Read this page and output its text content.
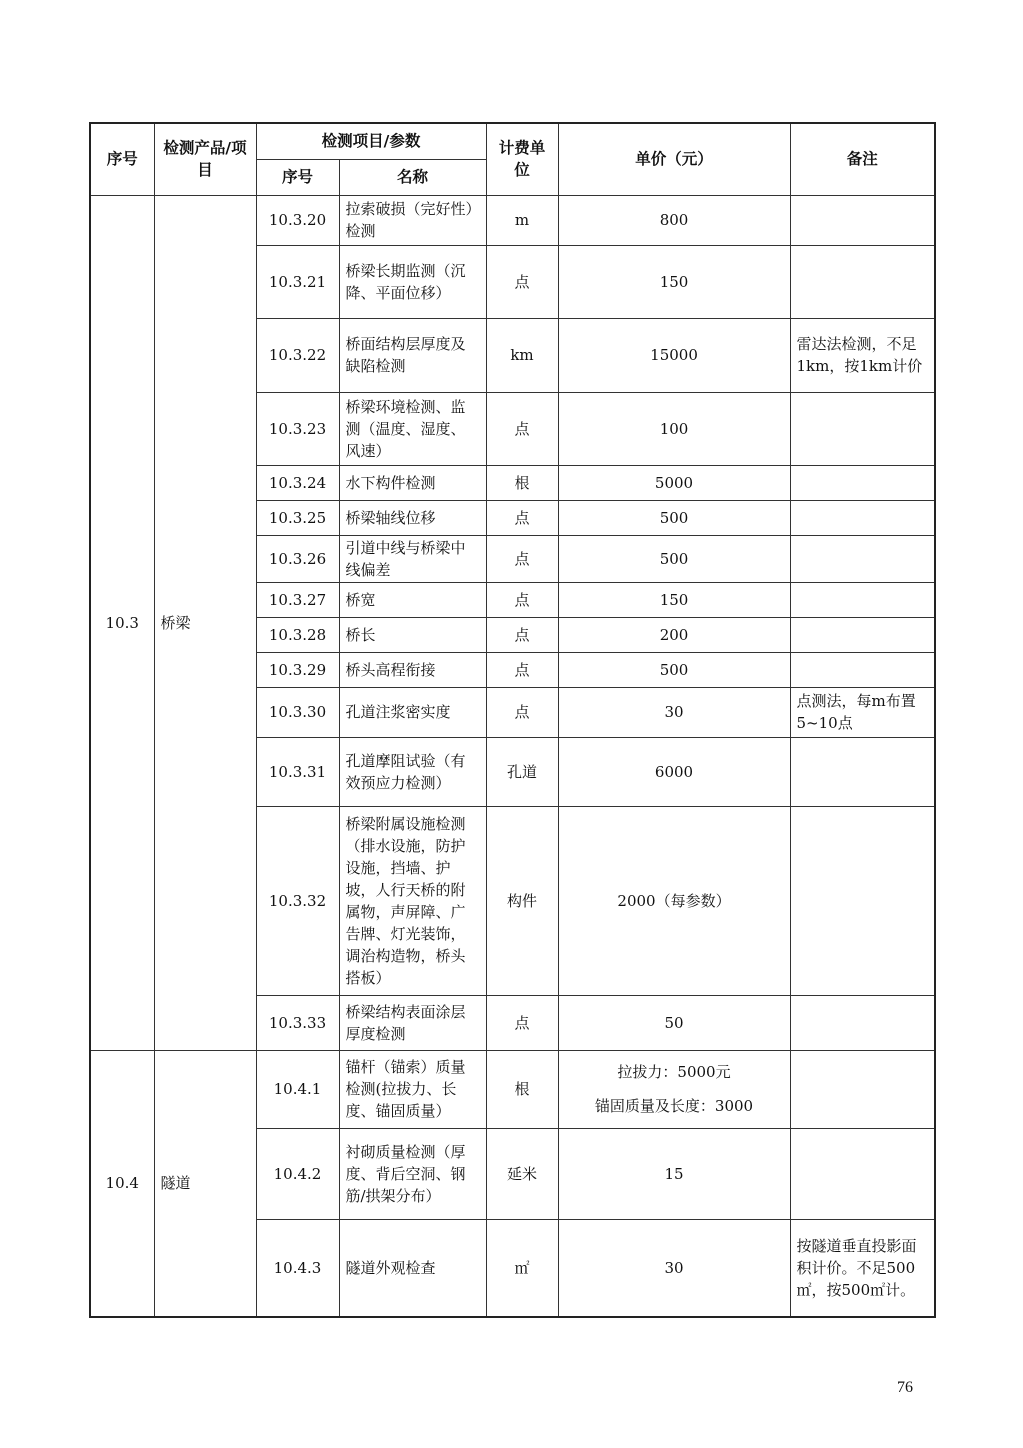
序号	检测产品/项目	检测项目/参数		计费单位	单价（元）	备注
		序号	名称			
10.3	桥梁	10.3.20	拉索破损（完好性）检测	m	800	
		10.3.21	桥梁长期监测（沉降、平面位移）	点	150	
		10.3.22	桥面结构层厚度及缺陷检测	km	15000	雷达法检测，不足1km，按1km计价
		10.3.23	桥梁环境检测、监测（温度、湿度、风速）	点	100	
		10.3.24	水下构件检测	根	5000	
		10.3.25	桥梁轴线位移	点	500	
		10.3.26	引道中线与桥梁中线偏差	点	500	
		10.3.27	桥宽	点	150	
		10.3.28	桥长	点	200	
		10.3.29	桥头高程衔接	点	500	
		10.3.30	孔道注浆密实度	点	30	点测法，每m布置5~10点
		10.3.31	孔道摩阻试验（有效预应力检测）	孔道	6000	
		10.3.32	桥梁附属设施检测（排水设施，防护设施，挡墙、护坡，人行天桥的附属物，声屏障、广告牌、灯光装饰，调治构造物，桥头搭板）	构件	2000（每参数）	
		10.3.33	桥梁结构表面涂层厚度检测	点	50	
10.4	隧道	10.4.1	锚杆（锚索）质量检测(拉拔力、长度、锚固质量）	根	拉拔力：5000元
锚固质量及长度：3000	

		10.4.2	衬砌质量检测（厚度、背后空洞、钢筋/拱架分布）	延米	15	
		10.4.3	隧道外观检查	㎡	30	按隧道垂直投影面积计价。不足500㎡，按500㎡计。
76
